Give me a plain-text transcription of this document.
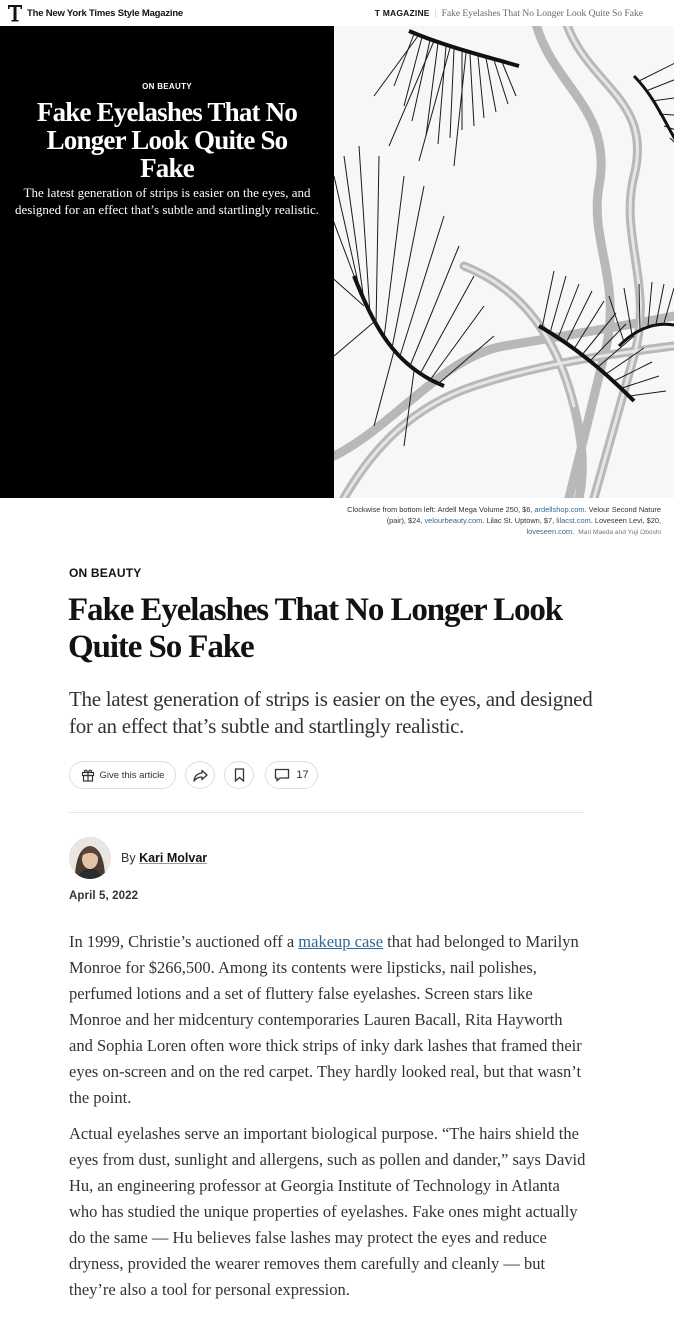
The New York Times Style Magazine	T MAGAZINE | Fake Eyelashes That No Longer Look Quite So Fake
ON BEAUTY
Fake Eyelashes That No Longer Look Quite So Fake

The latest generation of strips is easier on the eyes, and designed for an effect that’s subtle and startlingly realistic.

Clockwise from bottom left: Ardell Mega Volume 250, $6, ardellshop.com. Velour Second Nature (pair), $24, velourbeauty.com. Lilac St. Uptown, $7, lilacst.com. Loveseen Levi, $20, loveseen.com. Mari Maeda and Yuji Oboshi
ON BEAUTY
Fake Eyelashes That No Longer Look Quite So Fake

The latest generation of strips is easier on the eyes, and designed for an effect that’s subtle and startlingly realistic.

Give this article	17
By Kari Molvar
April 5, 2022

In 1999, Christie’s auctioned off a makeup case that had belonged to Marilyn Monroe for $266,500. Among its contents were lipsticks, nail polishes, perfumed lotions and a set of fluttery false eyelashes. Screen stars like Monroe and her midcentury contemporaries Lauren Bacall, Rita Hayworth and Sophia Loren often wore thick strips of inky dark lashes that framed their eyes on-screen and on the red carpet. They hardly looked real, but that wasn’t the point.

Actual eyelashes serve an important biological purpose. “The hairs shield the eyes from dust, sunlight and allergens, such as pollen and dander,” says David Hu, an engineering professor at Georgia Institute of Technology in Atlanta who has studied the unique properties of eyelashes. Fake ones might actually do the same — Hu believes false lashes may protect the eyes and reduce dryness, provided the wearer removes them carefully and cleanly — but they’re also a tool for personal expression.
